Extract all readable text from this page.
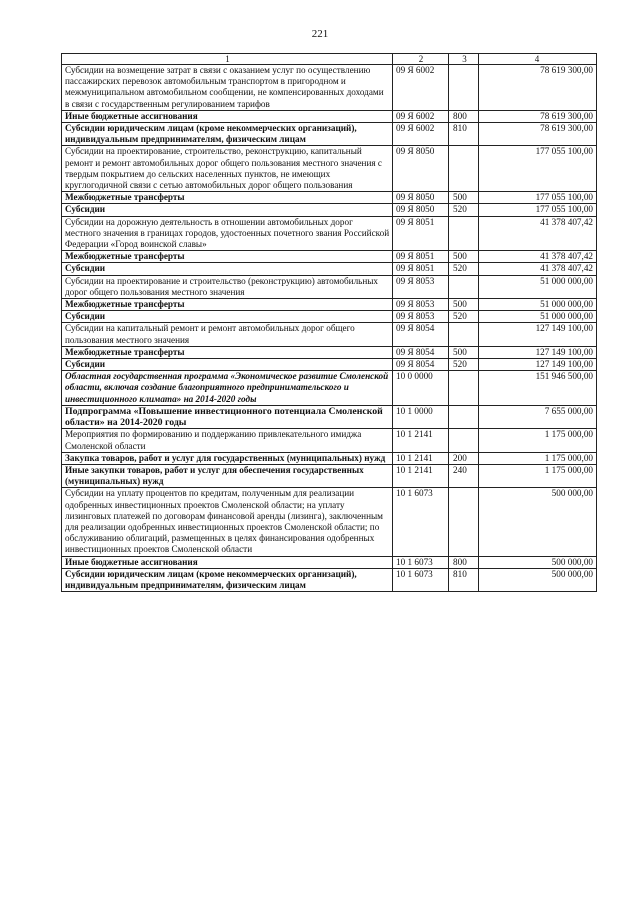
221
1	2	3	4
Субсидии на возмещение затрат в связи с оказанием услуг по осуществлению пассажирских перевозок автомобильным транспортом в пригородном и межмуниципальном автомобильном сообщении, не компенсированных доходами в связи с государственным регулированием тарифов	09 Я 6002		78 619 300,00
Иные бюджетные ассигнования	09 Я 6002	800	78 619 300,00
Субсидии юридическим лицам (кроме некоммерческих организаций), индивидуальным предпринимателям, физическим лицам	09 Я 6002	810	78 619 300,00
Субсидии на проектирование, строительство, реконструкцию, капитальный ремонт и ремонт автомобильных дорог общего пользования местного значения с твердым покрытием до сельских населенных пунктов, не имеющих круглогодичной связи с сетью автомобильных дорог общего пользования	09 Я 8050		177 055 100,00
Межбюджетные трансферты	09 Я 8050	500	177 055 100,00
Субсидии	09 Я 8050	520	177 055 100,00
Субсидии на дорожную деятельность в отношении автомобильных дорог местного значения в границах городов, удостоенных почетного звания Российской Федерации «Город воинской славы»	09 Я 8051		41 378 407,42
Межбюджетные трансферты	09 Я 8051	500	41 378 407,42
Субсидии	09 Я 8051	520	41 378 407,42
Субсидии на проектирование и строительство (реконструкцию) автомобильных дорог общего пользования местного значения	09 Я 8053		51 000 000,00
Межбюджетные трансферты	09 Я 8053	500	51 000 000,00
Субсидии	09 Я 8053	520	51 000 000,00
Субсидии на капитальный ремонт и ремонт автомобильных дорог общего пользования местного значения	09 Я 8054		127 149 100,00
Межбюджетные трансферты	09 Я 8054	500	127 149 100,00
Субсидии	09 Я 8054	520	127 149 100,00
Областная государственная программа «Экономическое развитие Смоленской области, включая создание благоприятного предпринимательского и инвестиционного климата» на 2014-2020 годы	10 0 0000		151 946 500,00
Подпрограмма «Повышение инвестиционного потенциала Смоленской области» на 2014-2020 годы	10 1 0000		7 655 000,00
Мероприятия по формированию и поддержанию привлекательного имиджа Смоленской области	10 1 2141		1 175 000,00
Закупка товаров, работ и услуг для государственных (муниципальных) нужд	10 1 2141	200	1 175 000,00
Иные закупки товаров, работ и услуг для обеспечения государственных (муниципальных) нужд	10 1 2141	240	1 175 000,00
Субсидии на уплату процентов по кредитам, полученным для реализации одобренных инвестиционных проектов Смоленской области; на уплату лизинговых платежей по договорам финансовой аренды (лизинга), заключенным для реализации одобренных инвестиционных проектов Смоленской области; по обслуживанию облигаций, размещенных в целях финансирования одобренных инвестиционных проектов Смоленской области	10 1 6073		500 000,00
Иные бюджетные ассигнования	10 1 6073	800	500 000,00
Субсидии юридическим лицам (кроме некоммерческих организаций), индивидуальным предпринимателям, физическим лицам	10 1 6073	810	500 000,00
